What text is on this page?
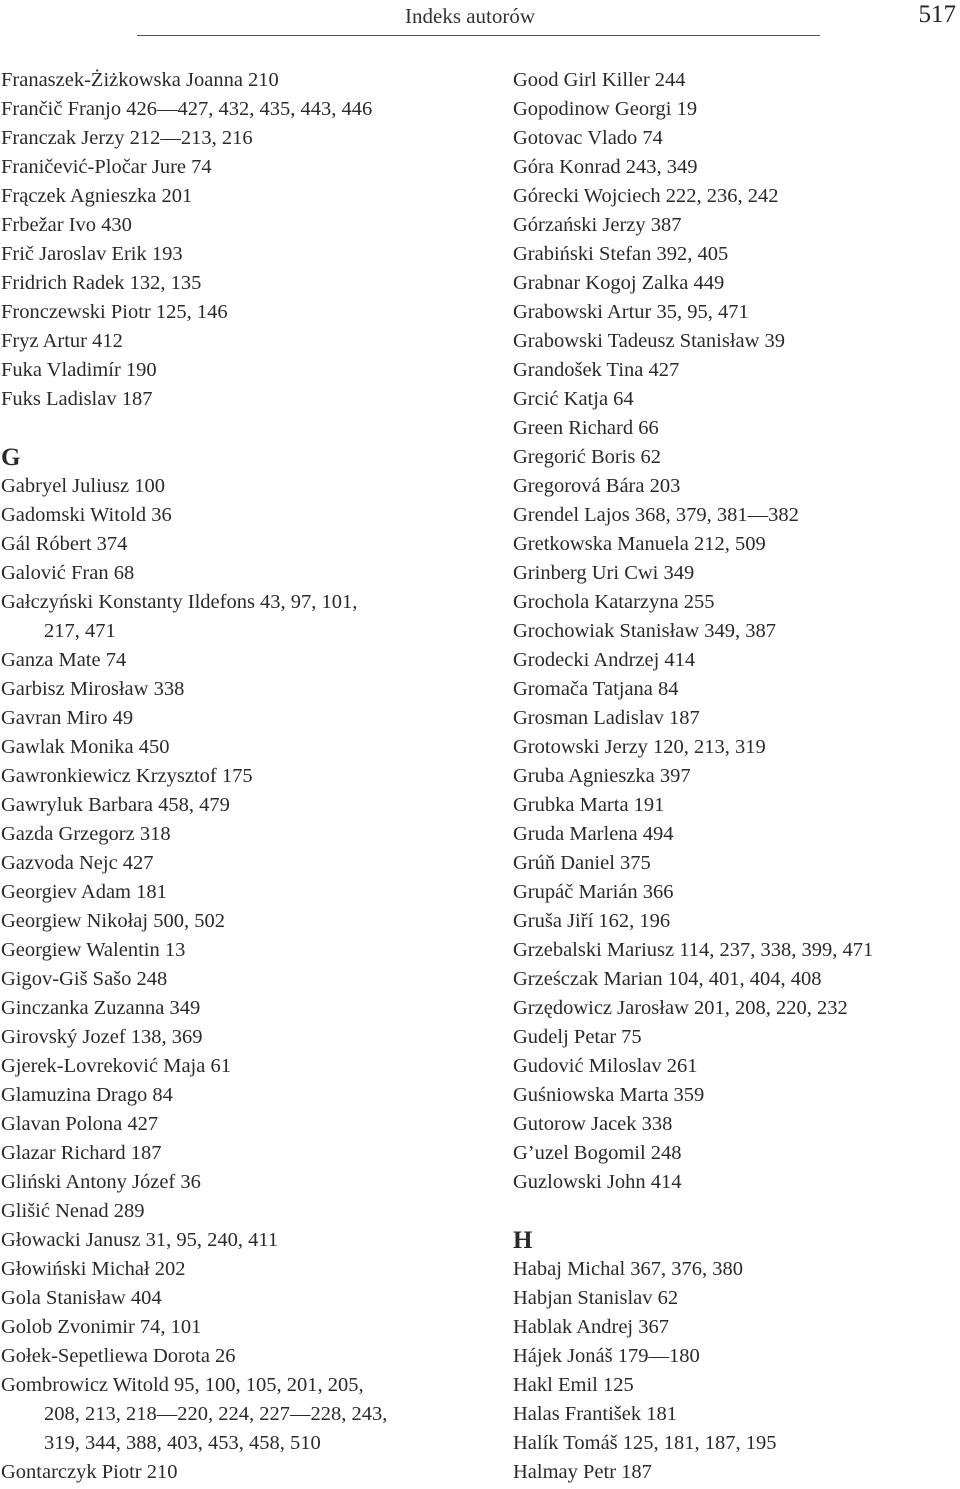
Indeks autorów	517
Franaszek-Żiżkowska Joanna 210
Frančič Franjo 426—427, 432, 435, 443, 446
Franczak Jerzy 212—213, 216
Franičević-Pločar Jure 74
Frączek Agnieszka 201
Frbežar Ivo 430
Frič Jaroslav Erik 193
Fridrich Radek 132, 135
Fronczewski Piotr 125, 146
Fryz Artur 412
Fuka Vladimír 190
Fuks Ladislav 187
G
Gabryel Juliusz 100
Gadomski Witold 36
Gál Róbert 374
Galović Fran 68
Gałczyński Konstanty Ildefons 43, 97, 101,
217, 471
Ganza Mate 74
Garbisz Mirosław 338
Gavran Miro 49
Gawlak Monika 450
Gawronkiewicz Krzysztof 175
Gawryluk Barbara 458, 479
Gazda Grzegorz 318
Gazvoda Nejc 427
Georgiev Adam 181
Georgiew Nikołaj 500, 502
Georgiew Walentin 13
Gigov-Giš Sašo 248
Ginczanka Zuzanna 349
Girovský Jozef 138, 369
Gjerek-Lovreković Maja 61
Glamuzina Drago 84
Glavan Polona 427
Glazar Richard 187
Gliński Antony Józef 36
Glišić Nenad 289
Głowacki Janusz 31, 95, 240, 411
Głowiński Michał 202
Gola Stanisław 404
Golob Zvonimir 74, 101
Gołek-Sepetliewa Dorota 26
Gombrowicz Witold 95, 100, 105, 201, 205,
208, 213, 218—220, 224, 227—228, 243,
319, 344, 388, 403, 453, 458, 510
Gontarczyk Piotr 210
Good Girl Killer 244
Gopodinow Georgi 19
Gotovac Vlado 74
Góra Konrad 243, 349
Górecki Wojciech 222, 236, 242
Górzański Jerzy 387
Grabiński Stefan 392, 405
Grabnar Kogoj Zalka 449
Grabowski Artur 35, 95, 471
Grabowski Tadeusz Stanisław 39
Grandošek Tina 427
Grcić Katja 64
Green Richard 66
Gregorić Boris 62
Gregorová Bára 203
Grendel Lajos 368, 379, 381—382
Gretkowska Manuela 212, 509
Grinberg Uri Cwi 349
Grochola Katarzyna 255
Grochowiak Stanisław 349, 387
Grodecki Andrzej 414
Gromača Tatjana 84
Grosman Ladislav 187
Grotowski Jerzy 120, 213, 319
Gruba Agnieszka 397
Grubka Marta 191
Gruda Marlena 494
Grúň Daniel 375
Grupáč Marián 366
Gruša Jiří 162, 196
Grzebalski Mariusz 114, 237, 338, 399, 471
Grześczak Marian 104, 401, 404, 408
Grzędowicz Jarosław 201, 208, 220, 232
Gudelj Petar 75
Gudović Miloslav 261
Guśniowska Marta 359
Gutorow Jacek 338
G’uzel Bogomil 248
Guzlowski John 414
H
Habaj Michal 367, 376, 380
Habjan Stanislav 62
Hablak Andrej 367
Hájek Jonáš 179—180
Hakl Emil 125
Halas František 181
Halík Tomáš 125, 181, 187, 195
Halmay Petr 187
